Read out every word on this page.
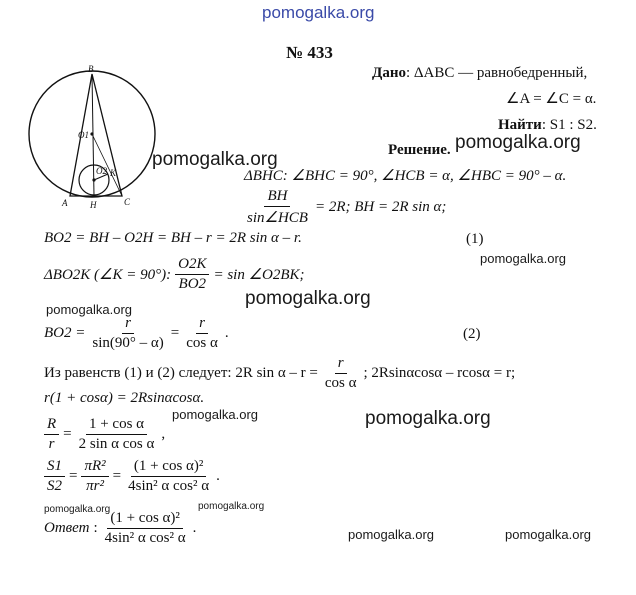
pomogalka.org
pomogalka.org
pomogalka.org
pomogalka.org
pomogalka.org
pomogalka.org
pomogalka.org
pomogalka.org
pomogalka.org	pomogalka.org
pomogalka.org	pomogalka.org
№ 433
Дано: ΔABC — равнобедренный,
∠A = ∠C = α.
Найти: S1 : S2.
Решение.
B
O1
O2 K
A	H	C
ΔBHC: ∠BHC = 90°, ∠HCB = α, ∠HBC = 90° – α.
$\frac{BH}{\text{sin∠HCB}} = 2R$; BH = 2R sin α;
BO2 = BH – O2H = BH – r = 2R sin α – r.	(1)
ΔBO2K (∠K = 90°): $\frac{O2K}{BO2} = \sin$ ∠O2BK;
$BO2 = \frac{r}{\sin(90^\circ - \alpha)} = \frac{r}{\text{cos α}}$ .	(2)
Из равенств (1) и (2) следует: 2R $\sin \alpha - r = \frac{r}{\text{cos α}}$ ; 2Rsinαcosα – rcosα = r;
r(1 + cosα) = 2Rsinαcosα.
$\frac{R}{r} = \frac{\text{1 + cos α}}{\text{2 sin α cos α}}$ ,
$\frac{S1}{S2} = \frac{\text{πR²}}{\text{πr²}} = \frac{\text{(1 + cos α)²}}{\text{4sin² α cos² α}}$ .
Ответ : $\frac{\text{(1 + cos α)²}}{\text{4sin² α cos² α}}$ .
